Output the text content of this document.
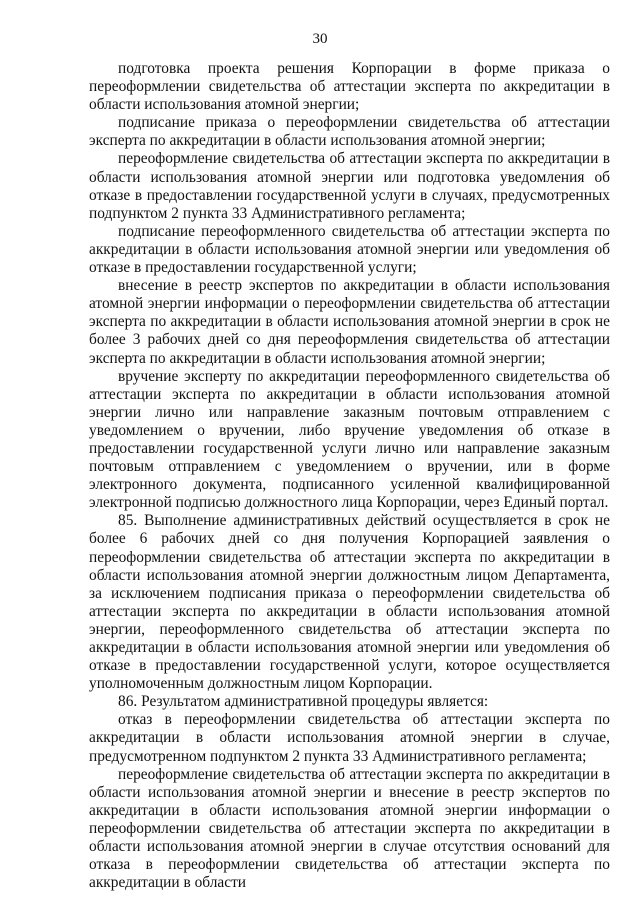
30

подготовка проекта решения Корпорации в форме приказа о переоформлении свидетельства об аттестации эксперта по аккредитации в области использования атомной энергии;

подписание приказа о переоформлении свидетельства об аттестации эксперта по аккредитации в области использования атомной энергии;

переоформление свидетельства об аттестации эксперта по аккредитации в области использования атомной энергии или подготовка уведомления об отказе в предоставлении государственной услуги в случаях, предусмотренных подпунктом 2 пункта 33 Административного регламента;

подписание переоформленного свидетельства об аттестации эксперта по аккредитации в области использования атомной энергии или уведомления об отказе в предоставлении государственной услуги;

внесение в реестр экспертов по аккредитации в области использования атомной энергии информации о переоформлении свидетельства об аттестации эксперта по аккредитации в области использования атомной энергии в срок не более 3 рабочих дней со дня переоформления свидетельства об аттестации эксперта по аккредитации в области использования атомной энергии;

вручение эксперту по аккредитации переоформленного свидетельства об аттестации эксперта по аккредитации в области использования атомной энергии лично или направление заказным почтовым отправлением с уведомлением о вручении, либо вручение уведомления об отказе в предоставлении государственной услуги лично или направление заказным почтовым отправлением с уведомлением о вручении, или в форме электронного документа, подписанного усиленной квалифицированной электронной подписью должностного лица Корпорации, через Единый портал.

85. Выполнение административных действий осуществляется в срок не более 6 рабочих дней со дня получения Корпорацией заявления о переоформлении свидетельства об аттестации эксперта по аккредитации в области использования атомной энергии должностным лицом Департамента, за исключением подписания приказа о переоформлении свидетельства об аттестации эксперта по аккредитации в области использования атомной энергии, переоформленного свидетельства об аттестации эксперта по аккредитации в области использования атомной энергии или уведомления об отказе в предоставлении государственной услуги, которое осуществляется уполномоченным должностным лицом Корпорации.

86. Результатом административной процедуры является:

отказ в переоформлении свидетельства об аттестации эксперта по аккредитации в области использования атомной энергии в случае, предусмотренном подпунктом 2 пункта 33 Административного регламента;

переоформление свидетельства об аттестации эксперта по аккредитации в области использования атомной энергии и внесение в реестр экспертов по аккредитации в области использования атомной энергии информации о переоформлении свидетельства об аттестации эксперта по аккредитации в области использования атомной энергии в случае отсутствия оснований для отказа в переоформлении свидетельства об аттестации эксперта по аккредитации в области
